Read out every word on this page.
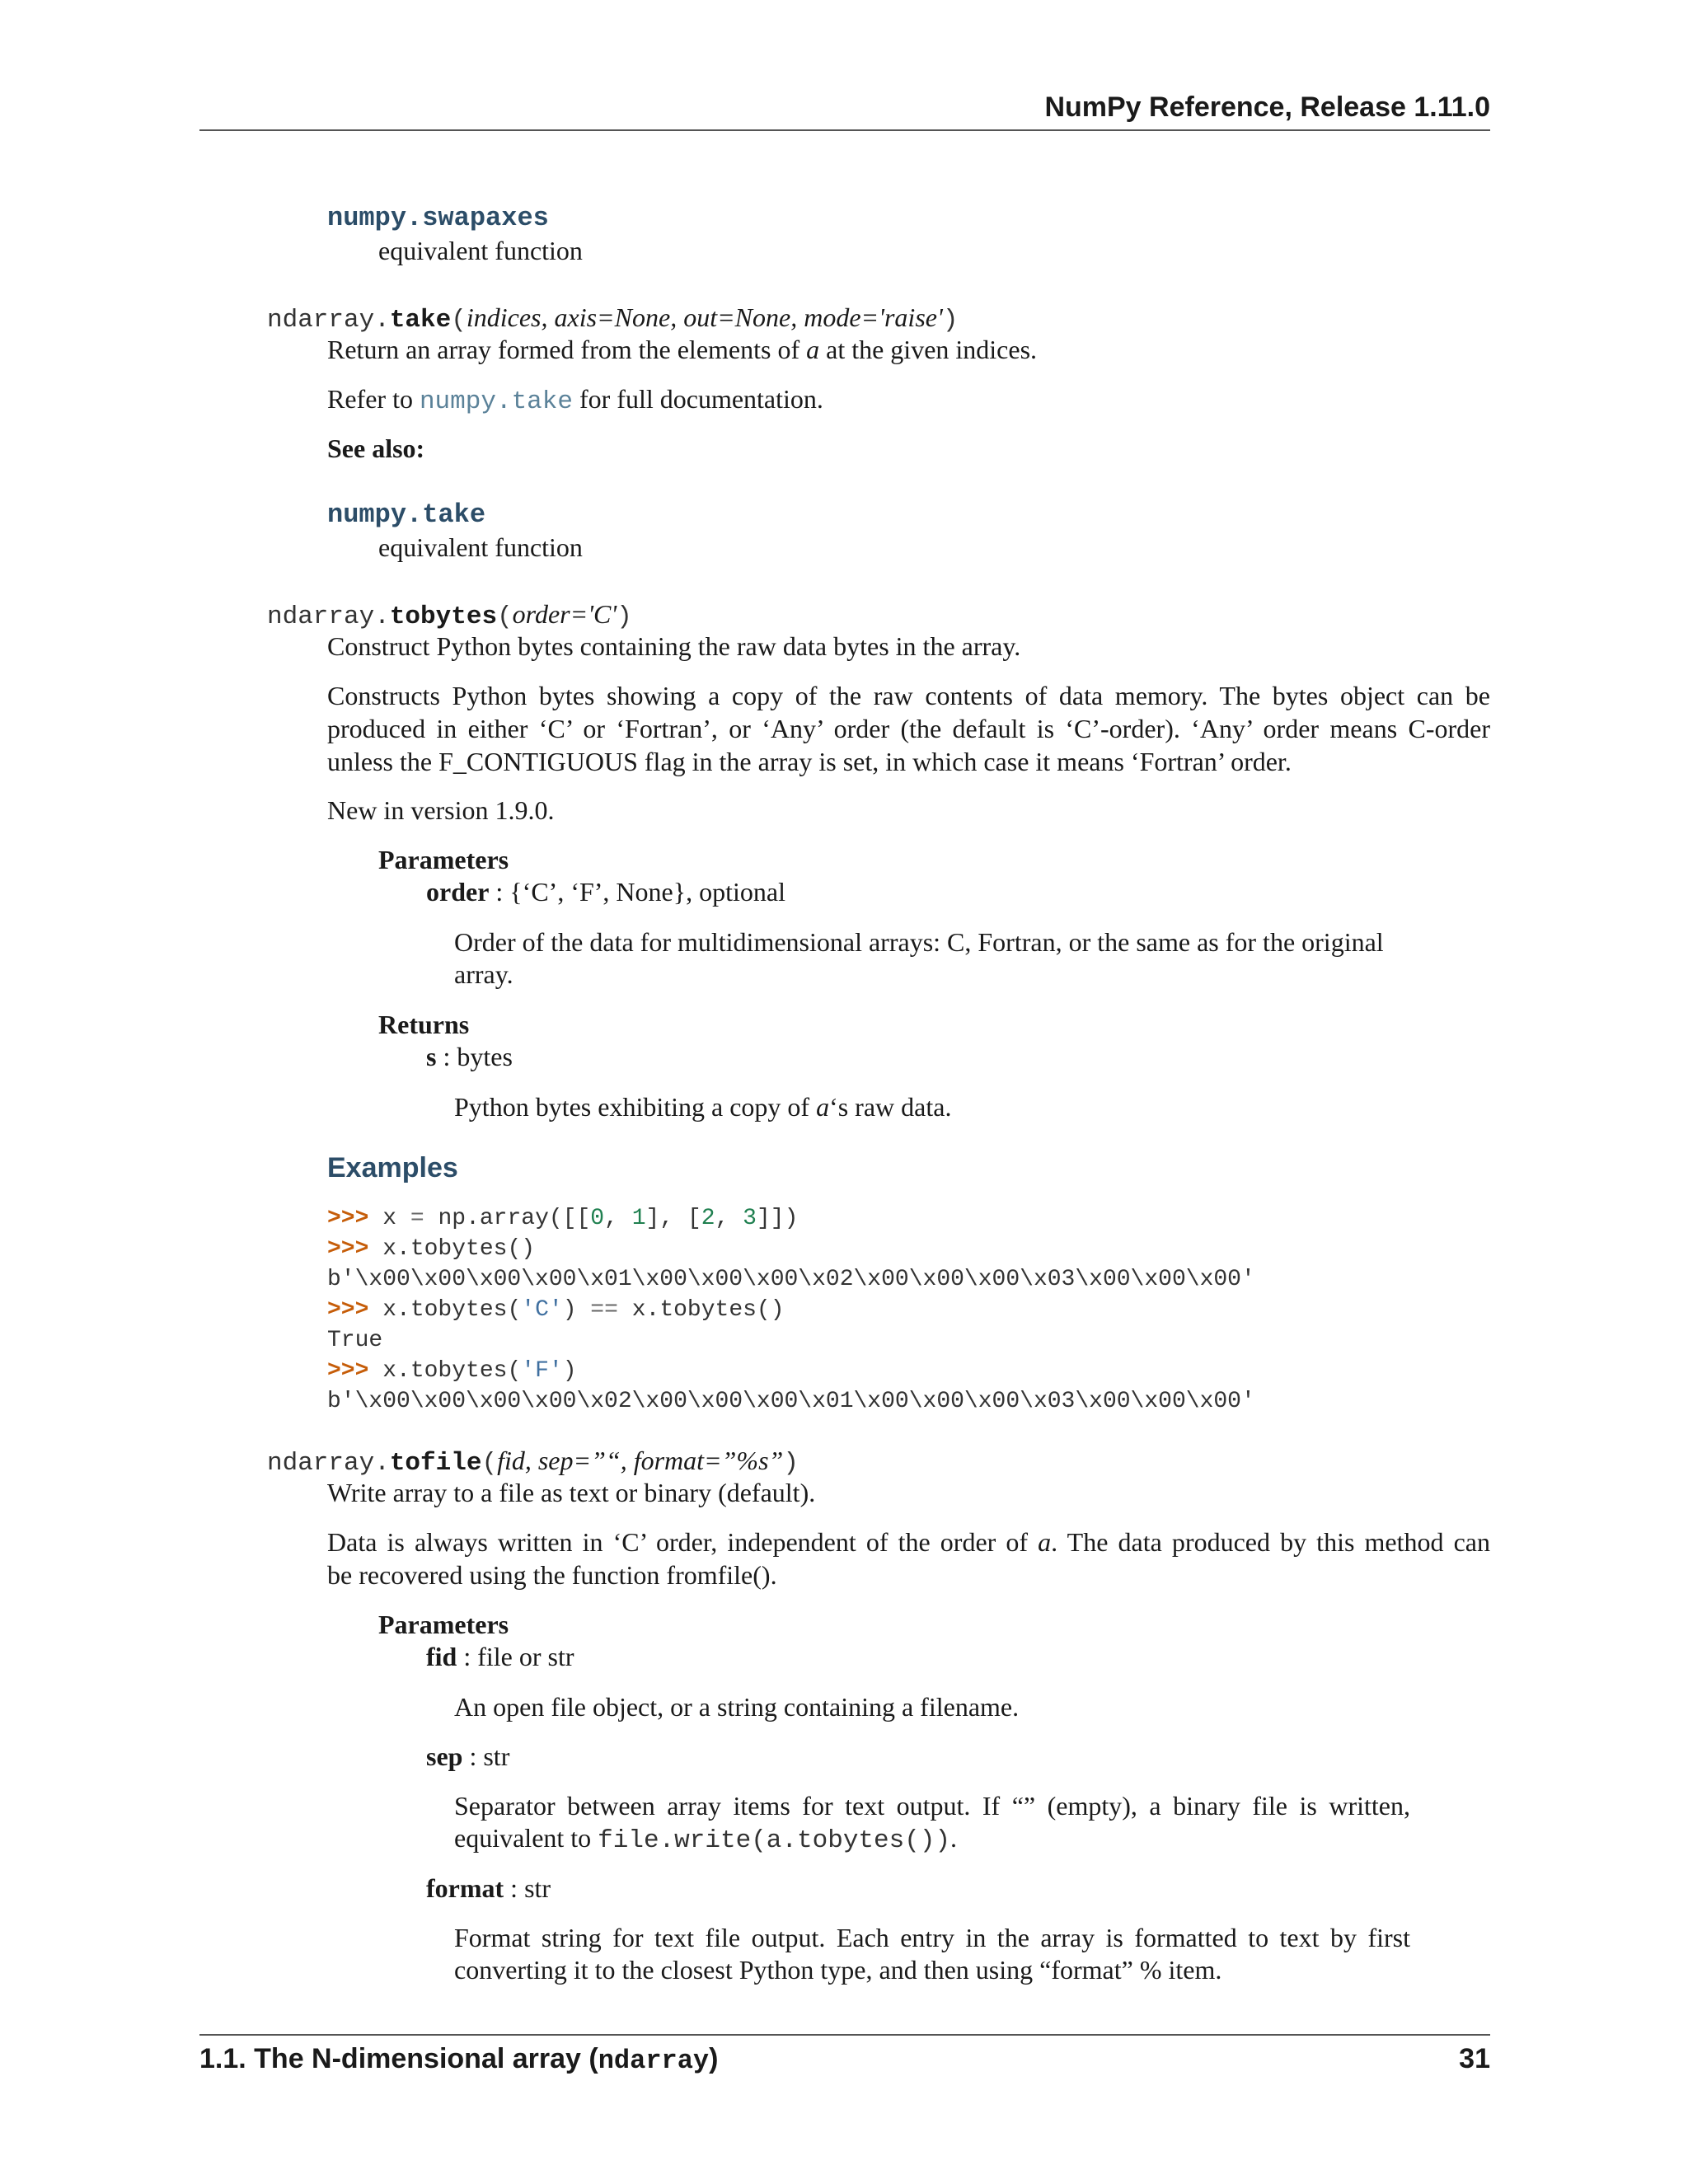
NumPy Reference, Release 1.11.0
numpy.swapaxes
equivalent function
ndarray.take(indices, axis=None, out=None, mode='raise')
Return an array formed from the elements of a at the given indices.
Refer to numpy.take for full documentation.
See also:
numpy.take
equivalent function
ndarray.tobytes(order='C')
Construct Python bytes containing the raw data bytes in the array.
Constructs Python bytes showing a copy of the raw contents of data memory. The bytes object can be
produced in either ‘C’ or ‘Fortran’, or ‘Any’ order (the default is ‘C’-order). ‘Any’ order means C-order
unless the F_CONTIGUOUS flag in the array is set, in which case it means ‘Fortran’ order.
New in version 1.9.0.
Parameters
order : {‘C’, ‘F’, None}, optional
Order of the data for multidimensional arrays: C, Fortran, or the same as for the original
array.
Returns
s : bytes
Python bytes exhibiting a copy of a‘s raw data.
Examples
>>> x = np.array([[0, 1], [2, 3]])
>>> x.tobytes()
b'\x00\x00\x00\x00\x01\x00\x00\x00\x02\x00\x00\x00\x03\x00\x00\x00'
>>> x.tobytes('C') == x.tobytes()
True
>>> x.tobytes('F')
b'\x00\x00\x00\x00\x02\x00\x00\x00\x01\x00\x00\x00\x03\x00\x00\x00'
ndarray.tofile(fid, sep=”“, format=”%s”)
Write array to a file as text or binary (default).
Data is always written in ‘C’ order, independent of the order of a. The data produced by this method can
be recovered using the function fromfile().
Parameters
fid : file or str
An open file object, or a string containing a filename.
sep : str
Separator between array items for text output. If “” (empty), a binary file is written,
equivalent to file.write(a.tobytes()).
format : str
Format string for text file output. Each entry in the array is formatted to text by first
converting it to the closest Python type, and then using “format” % item.
1.1. The N-dimensional array (ndarray)	31
